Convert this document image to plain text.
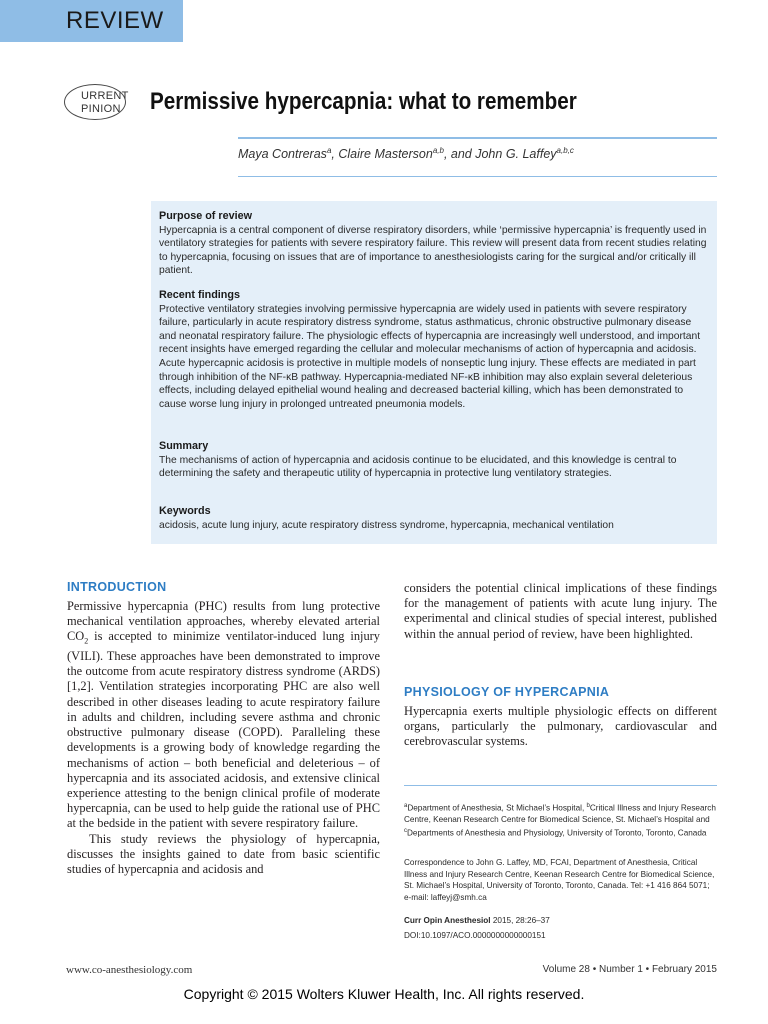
REVIEW
URRENT
PINION Permissive hypercapnia: what to remember
Maya Contreras$^a$, Claire Masterson$^{a,b}$, and John G. Laffey$^{a,b,c}$
Purpose of review
Hypercapnia is a central component of diverse respiratory disorders, while ‘permissive hypercapnia’ is frequently used in ventilatory strategies for patients with severe respiratory failure. This review will present data from recent studies relating to hypercapnia, focusing on issues that are of importance to anesthesiologists caring for the surgical and/or critically ill patient.
Recent findings
Protective ventilatory strategies involving permissive hypercapnia are widely used in patients with severe respiratory failure, particularly in acute respiratory distress syndrome, status asthmaticus, chronic obstructive pulmonary disease and neonatal respiratory failure. The physiologic effects of hypercapnia are increasingly well understood, and important recent insights have emerged regarding the cellular and molecular mechanisms of action of hypercapnia and acidosis. Acute hypercapnic acidosis is protective in multiple models of nonseptic lung injury. These effects are mediated in part through inhibition of the NF-κB pathway. Hypercapnia-mediated NF-κB inhibition may also explain several deleterious effects, including delayed epithelial wound healing and decreased bacterial killing, which has been demonstrated to cause worse lung injury in prolonged untreated pneumonia models.
Summary
The mechanisms of action of hypercapnia and acidosis continue to be elucidated, and this knowledge is central to determining the safety and therapeutic utility of hypercapnia in protective lung ventilatory strategies.
Keywords
acidosis, acute lung injury, acute respiratory distress syndrome, hypercapnia, mechanical ventilation
INTRODUCTION

Permissive hypercapnia (PHC) results from lung protective mechanical ventilation approaches, whereby elevated arterial $CO_2$ is accepted to minimize ventilator-induced lung injury (VILI). These approaches have been demonstrated to improve the outcome from acute respiratory distress syndrome (ARDS) [1,2]. Ventilation strategies incorporating PHC are also well described in other diseases leading to acute respiratory failure in adults and children, including severe asthma and chronic obstructive pulmonary disease (COPD). Paralleling these developments is a growing body of knowledge regarding the mechanisms of action – both beneficial and deleterious – of hypercapnia and its associated acidosis, and extensive clinical experience attesting to the benign clinical profile of moderate hypercapnia, can be used to help guide the rational use of PHC at the bedside in the patient with severe respiratory failure.

This study reviews the physiology of hypercapnia, discusses the insights gained to date from basic scientific studies of hypercapnia and acidosis and

considers the potential clinical implications of these findings for the management of patients with acute lung injury. The experimental and clinical studies of special interest, published within the annual period of review, have been highlighted.

PHYSIOLOGY OF HYPERCAPNIA

Hypercapnia exerts multiple physiologic effects on different organs, particularly the pulmonary, cardiovascular and cerebrovascular systems.

$^a$Department of Anesthesia, St Michael’s Hospital, $^b$Critical Illness and Injury Research Centre, Keenan Research Centre for Biomedical Science, St. Michael’s Hospital and $^c$Departments of Anesthesia and Physiology, University of Toronto, Toronto, Canada
Correspondence to John G. Laffey, MD, FCAI, Department of Anesthesia, Critical Illness and Injury Research Centre, Keenan Research Centre for Biomedical Science, St. Michael’s Hospital, University of Toronto, Toronto, Canada. Tel: +1 416 864 5071; e-mail: laffeyj@smh.ca
Curr Opin Anesthesiol 2015, 28:26–37
DOI:10.1097/ACO.0000000000000151
www.co-anesthesiology.com	Volume 28 • Number 1 • February 2015
Copyright © 2015 Wolters Kluwer Health, Inc. All rights reserved.
